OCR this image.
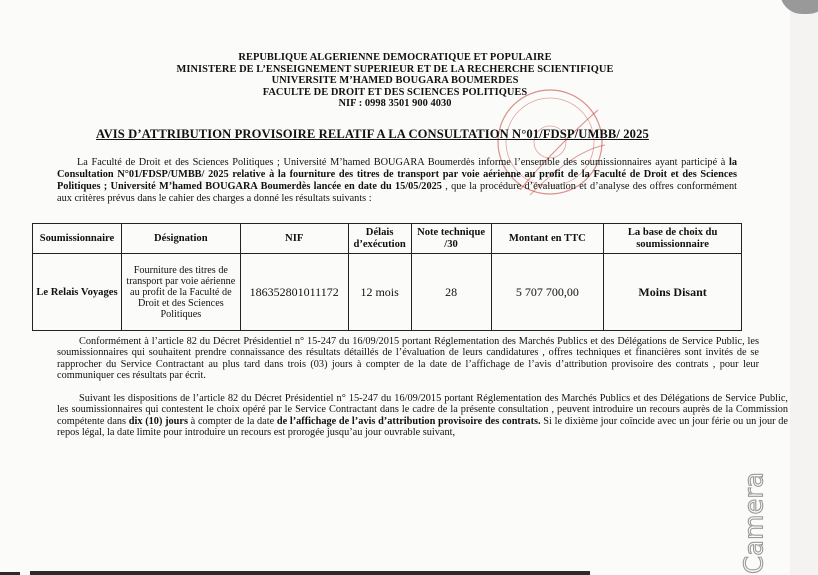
REPUBLIQUE ALGERIENNE DEMOCRATIQUE ET POPULAIRE
MINISTERE DE L’ENSEIGNEMENT SUPERIEUR ET DE LA RECHERCHE SCIENTIFIQUE
UNIVERSITE M’HAMED BOUGARA BOUMERDES
FACULTE DE DROIT ET DES SCIENCES POLITIQUES
NIF : 0998 3501 900 4030
AVIS D’ATTRIBUTION PROVISOIRE RELATIF A LA CONSULTATION N°01/FDSP/UMBB/ 2025
La Faculté de Droit et des Sciences Politiques ; Université M’hamed BOUGARA Boumerdès informe l’ensemble des soumissionnaires ayant participé à la Consultation N°01/FDSP/UMBB/ 2025 relative à la fourniture des titres de transport par voie aérienne au profit de la Faculté de Droit et des Sciences Politiques ; Université M’hamed BOUGARA Boumerdès lancée en date du 15/05/2025 , que la procédure d’évaluation et d’analyse des offres conformément aux critères prévus dans le cahier des charges a donné les résultats suivants :
Soumissionnaire	Désignation	NIF	Délais d’exécution	Note technique /30	Montant en TTC	La base de choix du soumissionnaire
Le Relais Voyages	Fourniture des titres de transport par voie aérienne au profit de la Faculté de Droit et des Sciences Politiques	186352801011172	12 mois	28	5 707 700,00	Moins Disant
Conformément à l’article 82 du Décret Présidentiel n° 15-247 du 16/09/2015 portant Réglementation des Marchés Publics et des Délégations de Service Public, les soumissionnaires qui souhaitent prendre connaissance des résultats détaillés de l’évaluation de leurs candidatures , offres techniques et financières sont invités de se rapprocher du Service Contractant au plus tard dans trois (03) jours à compter de la date de l’affichage de l’avis d’attribution provisoire des contrats , pour leur communiquer ces résultats par écrit.
Suivant les dispositions de l’article 82 du Décret Présidentiel n° 15-247 du 16/09/2015 portant Réglementation des Marchés Publics et des Délégations de Service Public, les soumissionnaires qui contestent le choix opéré par le Service Contractant dans le cadre de la présente consultation , peuvent introduire un recours auprès de la Commission compétente dans dix (10) jours à compter de la date de l’affichage de l’avis d’attribution provisoire des contrats. Si le dixième jour coïncide avec un jour férie ou un jour de repos légal, la date limite pour introduire un recours est prorogée jusqu’au jour ouvrable suivant,
Camera
